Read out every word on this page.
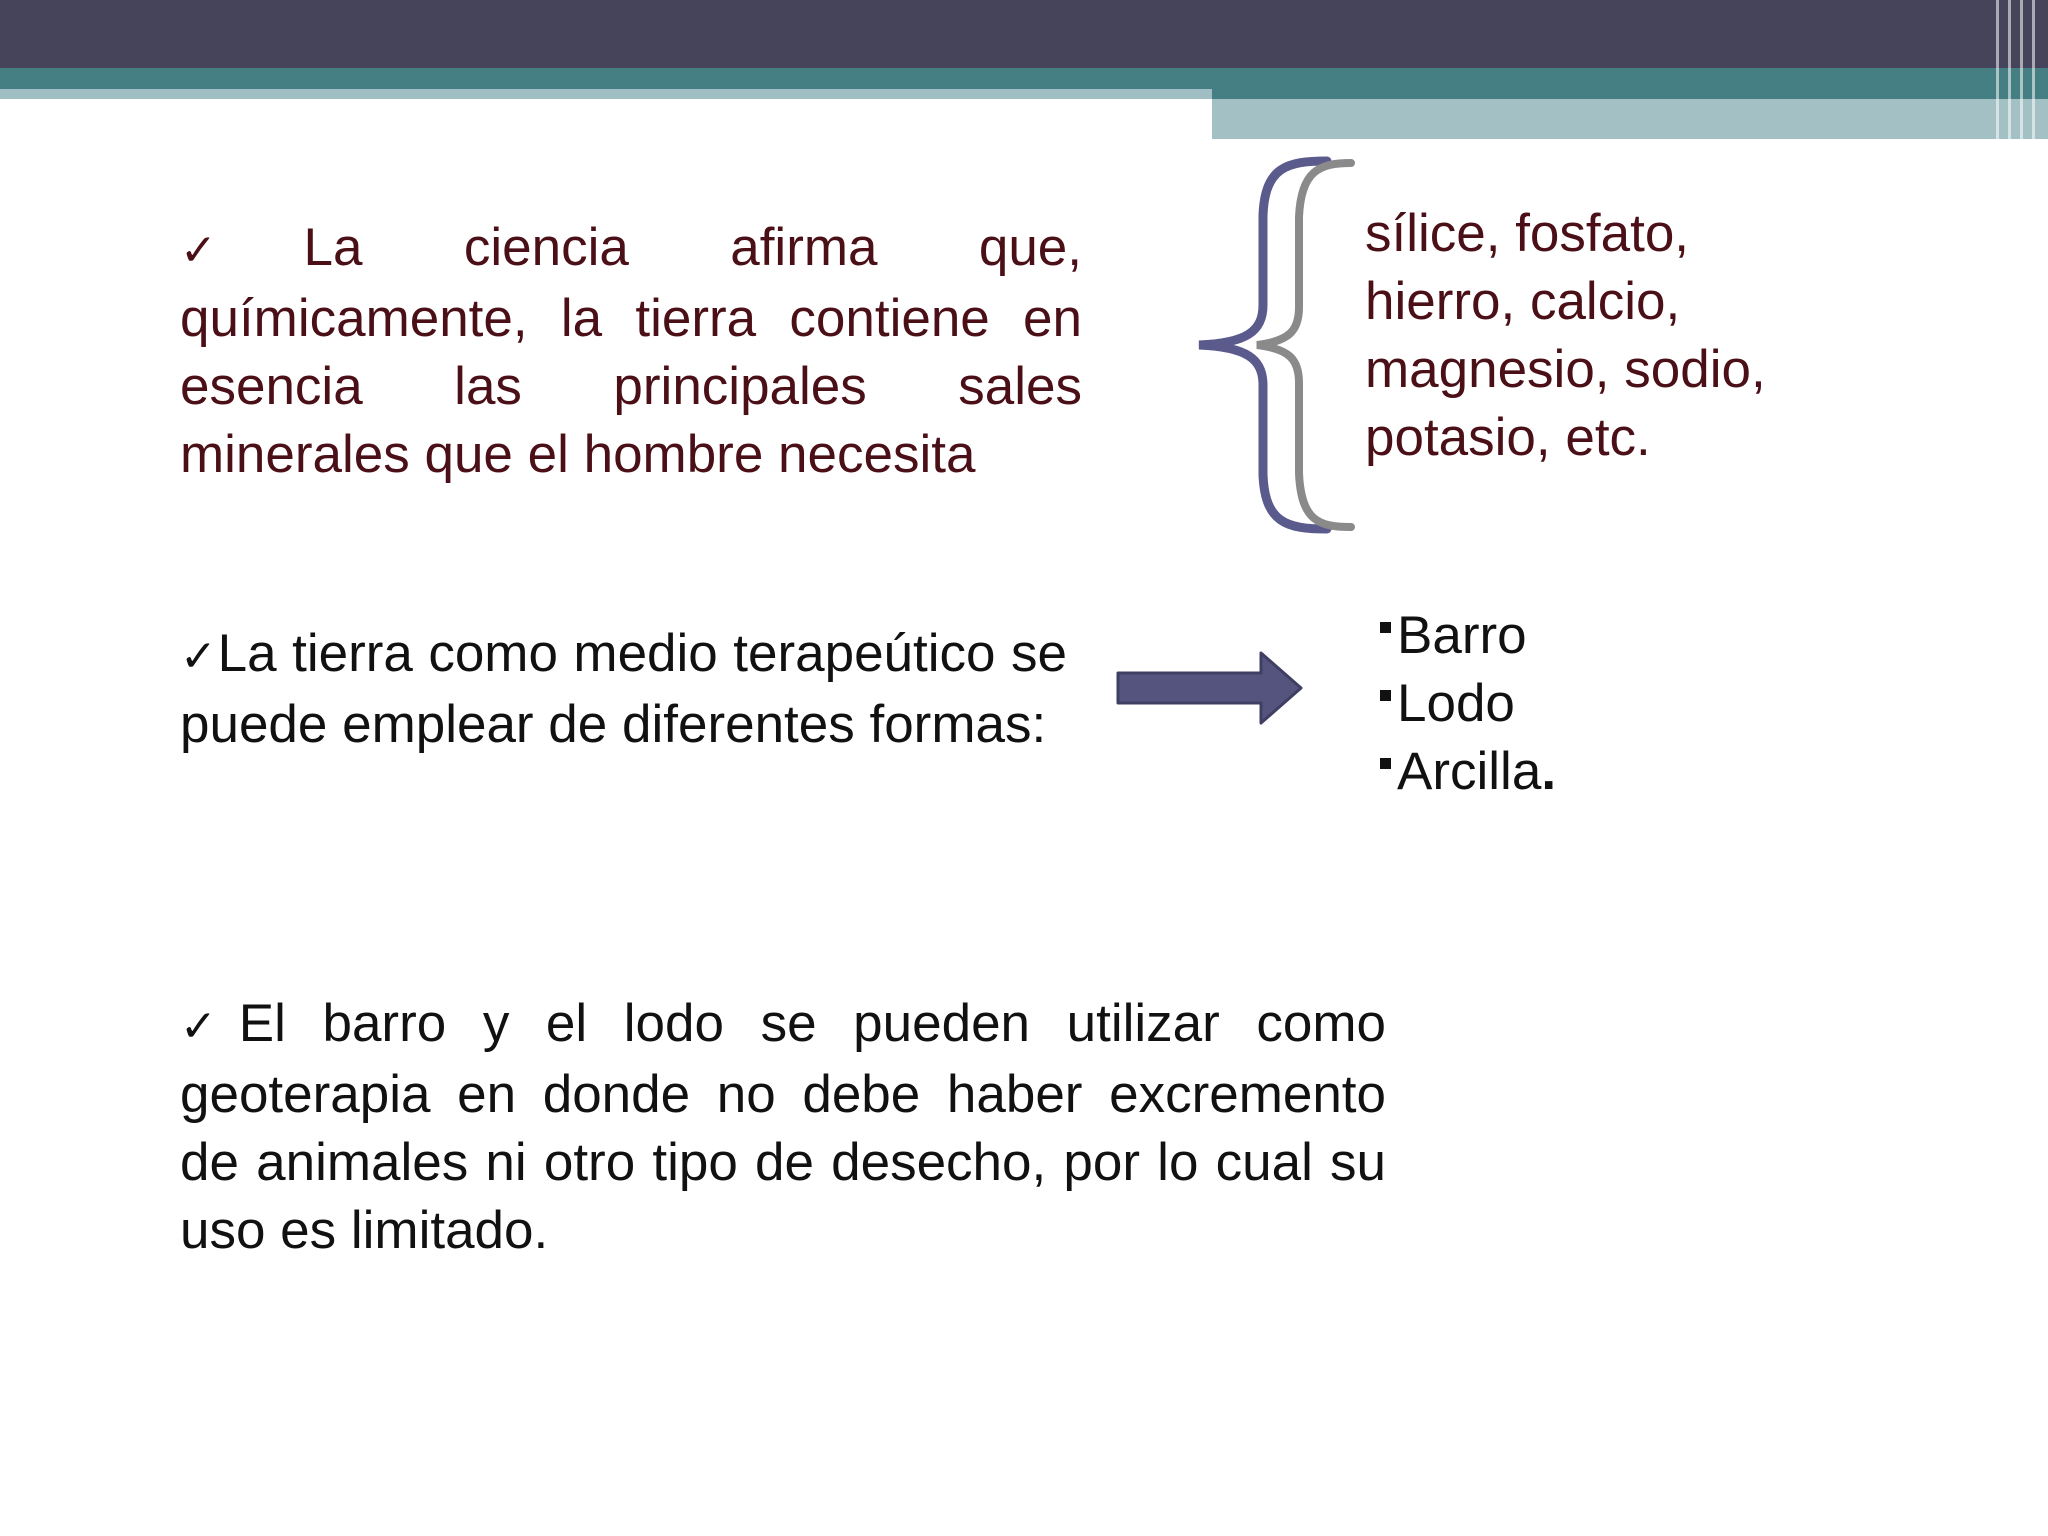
✓La ciencia afirma que, químicamente, la tierra contiene en esencia las principales sales minerales que el hombre necesita

sílice, fosfato,
hierro, calcio,
magnesio, sodio,
potasio, etc.

✓La tierra como medio terapeútico se puede emplear de diferentes formas:

Barro
Lodo
Arcilla.

✓El barro y el lodo se pueden utilizar como geoterapia en donde no debe haber excremento de animales ni otro tipo de desecho, por lo cual su uso es limitado.
